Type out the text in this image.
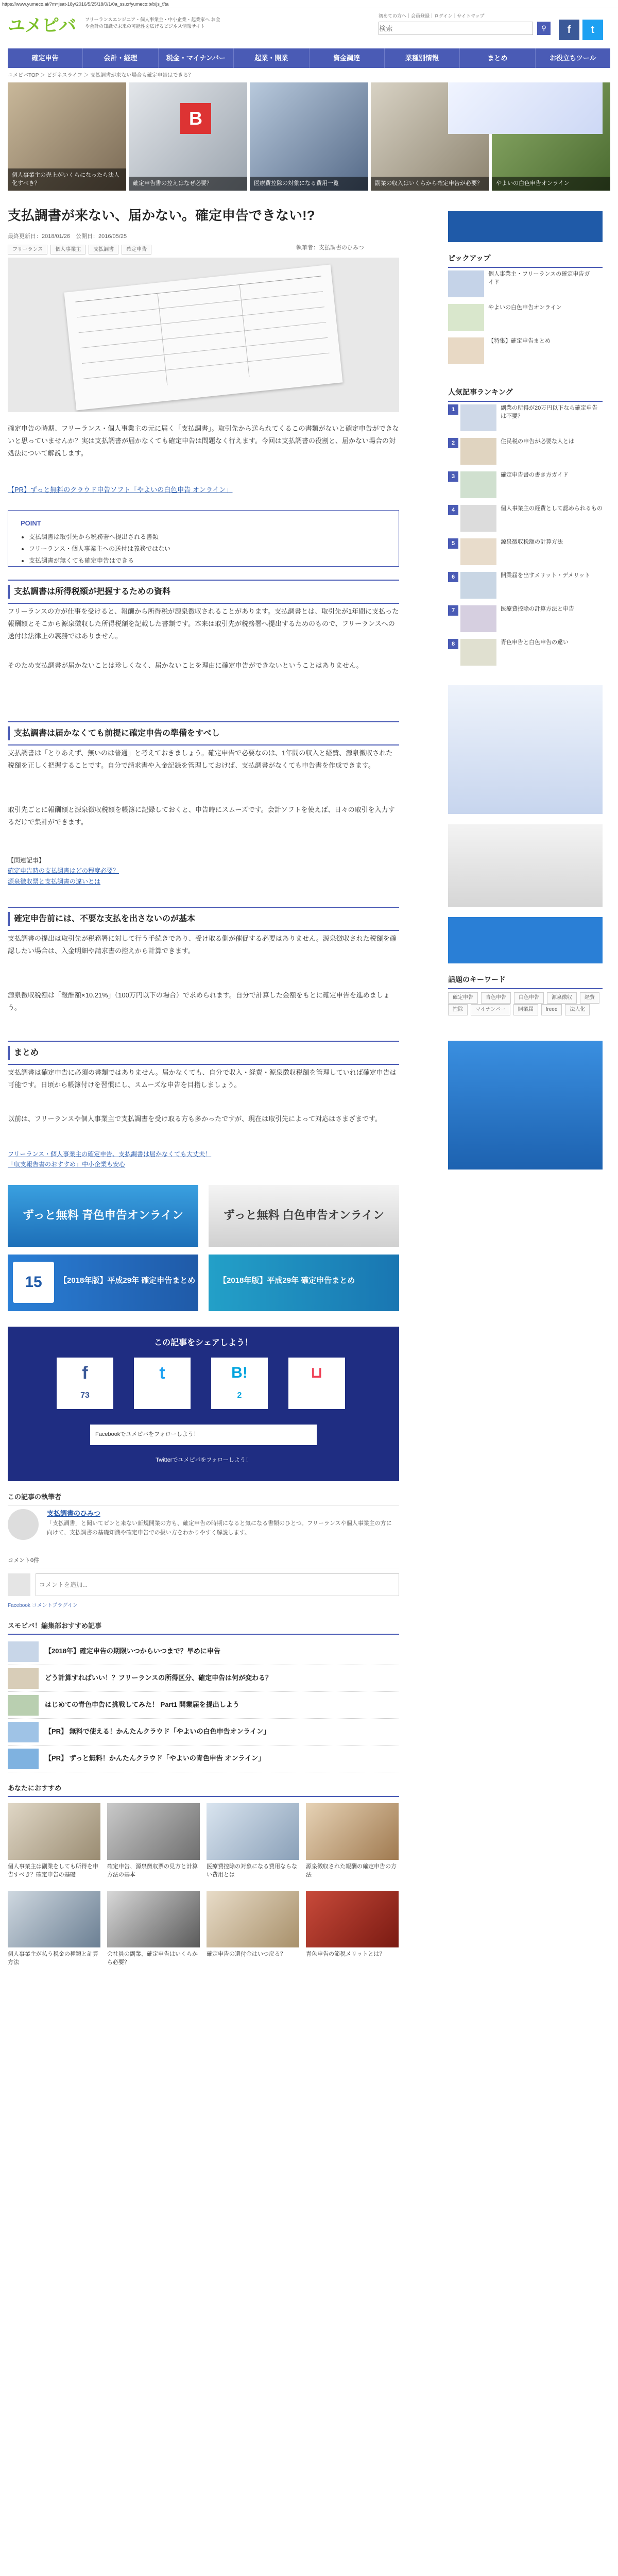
https://www.yumeco.ai/?m=jsat-18y/2016/5/25/18/0/1/0a_ss.cr/yumeco:b/b/js_f/ta
ユメピバ フリーランスエンジニア・個人事業主・中小企業・起業家へ お金や会計の知識で未来の可能性を広げるビジネス情報サイト
初めての方へ｜会員登録｜ログイン｜サイトマップ
検索
⚲	f	t
確定申告	会計・経理	税金・マイナンバー	起業・開業	資金調達	業種別情報	まとめ	お役立ちツール
ユメピバTOP ＞ ビジネスライフ ＞ 支払調書が来ない場合も確定申告はできる？
個人事業主の売上がいくらになったら法人化すべき？
B
確定申告書の控えはなぜ必要？	医療費控除の対象になる費用一覧	副業の収入はいくらから確定申告が必要？	やよいの白色申告オンライン
支払調書が来ない、届かない。確定申告できない!?
最終更新日：2018/01/26　公開日：2016/05/25
フリーランス 個人事業主 支払調書 確定申告	執筆者：支払調書のひみつ
確定申告の時期、フリーランス・個人事業主の元に届く「支払調書」。取引先から送られてくるこの書類がないと確定申告ができないと思っていませんか？実は支払調書が届かなくても確定申告は問題なく行えます。今回は支払調書の役割と、届かない場合の対処法について解説します。
【PR】ずっと無料のクラウド申告ソフト「やよいの白色申告 オンライン」
POINT
• 支払調書は取引先から税務署へ提出される書類
• フリーランス・個人事業主への送付は義務ではない
• 支払調書が無くても確定申告はできる
支払調書は所得税額が把握するための資料
フリーランスの方が仕事を受けると、報酬から所得税が源泉徴収されることがあります。支払調書とは、取引先が1年間に支払った報酬額とそこから源泉徴収した所得税額を記載した書類です。本来は取引先が税務署へ提出するためのもので、フリーランスへの送付は法律上の義務ではありません。
そのため支払調書が届かないことは珍しくなく、届かないことを理由に確定申告ができないということはありません。
支払調書は届かなくても前提に確定申告の準備をすべし
支払調書は「とりあえず、無いのは普通」と考えておきましょう。確定申告で必要なのは、1年間の収入と経費、源泉徴収された税額を正しく把握することです。自分で請求書や入金記録を管理しておけば、支払調書がなくても申告書を作成できます。
取引先ごとに報酬額と源泉徴収税額を帳簿に記録しておくと、申告時にスムーズです。会計ソフトを使えば、日々の取引を入力するだけで集計ができます。
【関連記事】
確定申告時の支払調書はどの程度必要？
源泉徴収票と支払調書の違いとは
確定申告前には、不要な支払を出さないのが基本
支払調書の提出は取引先が税務署に対して行う手続きであり、受け取る側が催促する必要はありません。源泉徴収された税額を確認したい場合は、入金明細や請求書の控えから計算できます。
源泉徴収税額は「報酬額×10.21%」（100万円以下の場合）で求められます。自分で計算した金額をもとに確定申告を進めましょう。
まとめ
支払調書は確定申告に必須の書類ではありません。届かなくても、自分で収入・経費・源泉徴収税額を管理していれば確定申告は可能です。日頃から帳簿付けを習慣にし、スムーズな申告を目指しましょう。
以前は、フリーランスや個人事業主で支払調書を受け取る方も多かったですが、現在は取引先によって対応はさまざまです。
フリーランス・個人事業主の確定申告、支払調書は届かなくても大丈夫！
「収支報告書のおすすめ」中小企業も安心
ずっと無料 青色申告オンライン	ずっと無料 白色申告オンライン
15	【2018年版】平成29年 確定申告まとめ	【2018年版】平成29年 確定申告まとめ
この記事をシェアしよう！
f
73
t	B!
2
⊔
Facebookでユメピバをフォローしよう！
Twitterでユメピバをフォローしよう！
この記事の執筆者
支払調書のひみつ
「支払調書」と聞いてピンと来ない新規開業の方も、確定申告の時期になると気になる書類のひとつ。フリーランスや個人事業主の方に向けて、支払調書の基礎知識や確定申告での扱い方をわかりやすく解説します。
コメント0件
コメントを追加...
Facebook コメントプラグイン
スモビバ！編集部おすすめ記事
【2018年】確定申告の期限いつからいつまで？早めに申告
どう計算すればいい！？フリーランスの所得区分、確定申告は何が変わる？
はじめての青色申告に挑戦してみた！ Part1 開業届を提出しよう
【PR】 無料で使える！かんたんクラウド「やよいの白色申告オンライン」
【PR】 ずっと無料！かんたんクラウド「やよいの青色申告 オンライン」
あなたにおすすめ
個人事業主は副業をしても所得を申告すべき？確定申告の基礎
確定申告、源泉徴収票の見方と計算方法の基本
医療費控除の対象になる費用ならない費用とは
源泉徴収された報酬の確定申告の方法
個人事業主が払う税金の種類と計算方法
会社員の副業、確定申告はいくらから必要？
確定申告の還付金はいつ戻る？	青色申告の節税メリットとは？
ピックアップ
個人事業主・フリーランスの確定申告ガイド
やよいの白色申告オンライン
【特集】確定申告まとめ
人気記事ランキング
1	副業の所得が20万円以下なら確定申告は不要？
2	住民税の申告が必要な人とは
3	確定申告書の書き方ガイド
4	個人事業主の経費として認められるもの
5	源泉徴収税額の計算方法
6	開業届を出すメリット・デメリット
7	医療費控除の計算方法と申告
8	青色申告と白色申告の違い
話題のキーワード
確定申告 青色申告 白色申告 源泉徴収 経費控除 マイナンバー 開業届 freee 法人化
